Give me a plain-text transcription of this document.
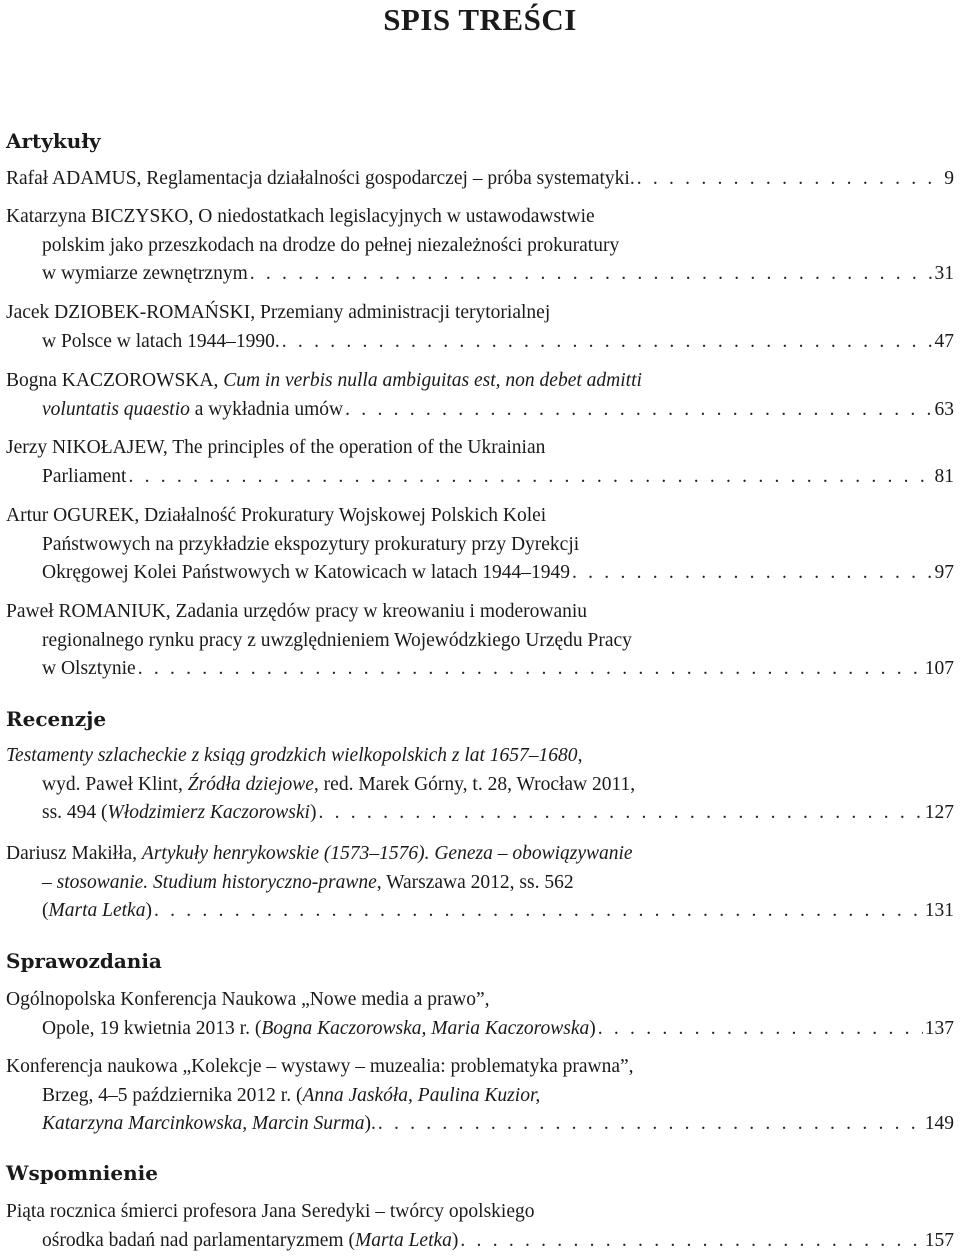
SPIS TREŚCI
Artykuły
Rafał ADAMUS, Reglamentacja działalności gospodarczej – próba systematyki. . . .	9
Katarzyna BICZYSKO, O niedostatkach legislacyjnych w ustawodawstwie
polskim jako przeszkodach na drodze do pełnej niezależności prokuratury
w wymiarze zewnętrznym . . .	31
Jacek DZIOBEK-ROMAŃSKI, Przemiany administracji terytorialnej
w Polsce w latach 1944–1990. . . .	47
Bogna KACZOROWSKA, Cum in verbis nulla ambiguitas est, non debet admitti
voluntatis quaestio a wykładnia umów . . .	63
Jerzy NIKOŁAJEW, The principles of the operation of the Ukrainian
Parliament . . .	81
Artur OGUREK, Działalność Prokuratury Wojskowej Polskich Kolei
Państwowych na przykładzie ekspozytury prokuratury przy Dyrekcji
Okręgowej Kolei Państwowych w Katowicach w latach 1944–1949 . . .	97
Paweł ROMANIUK, Zadania urzędów pracy w kreowaniu i moderowaniu
regionalnego rynku pracy z uwzględnieniem Wojewódzkiego Urzędu Pracy
w Olsztynie . . .	107
Recenzje
Testamenty szlacheckie z ksiąg grodzkich wielkopolskich z lat 1657–1680,
wyd. Paweł Klint, Źródła dziejowe, red. Marek Górny, t. 28, Wrocław 2011,
ss. 494 (Włodzimierz Kaczorowski) . . .	127
Dariusz Makiłła, Artykuły henrykowskie (1573–1576). Geneza – obowiązywanie
– stosowanie. Studium historyczno-prawne, Warszawa 2012, ss. 562
(Marta Letka) . . .	131
Sprawozdania
Ogólnopolska Konferencja Naukowa „Nowe media a prawo”,
Opole, 19 kwietnia 2013 r. (Bogna Kaczorowska, Maria Kaczorowska) . . .	137
Konferencja naukowa „Kolekcje – wystawy – muzealia: problematyka prawna”,
Brzeg, 4–5 października 2012 r. (Anna Jaskóła, Paulina Kuzior,
Katarzyna Marcinkowska, Marcin Surma). . . .	149
Wspomnienie
Piąta rocznica śmierci profesora Jana Seredyki – twórcy opolskiego
ośrodka badań nad parlamentaryzmem (Marta Letka) . . .	157
